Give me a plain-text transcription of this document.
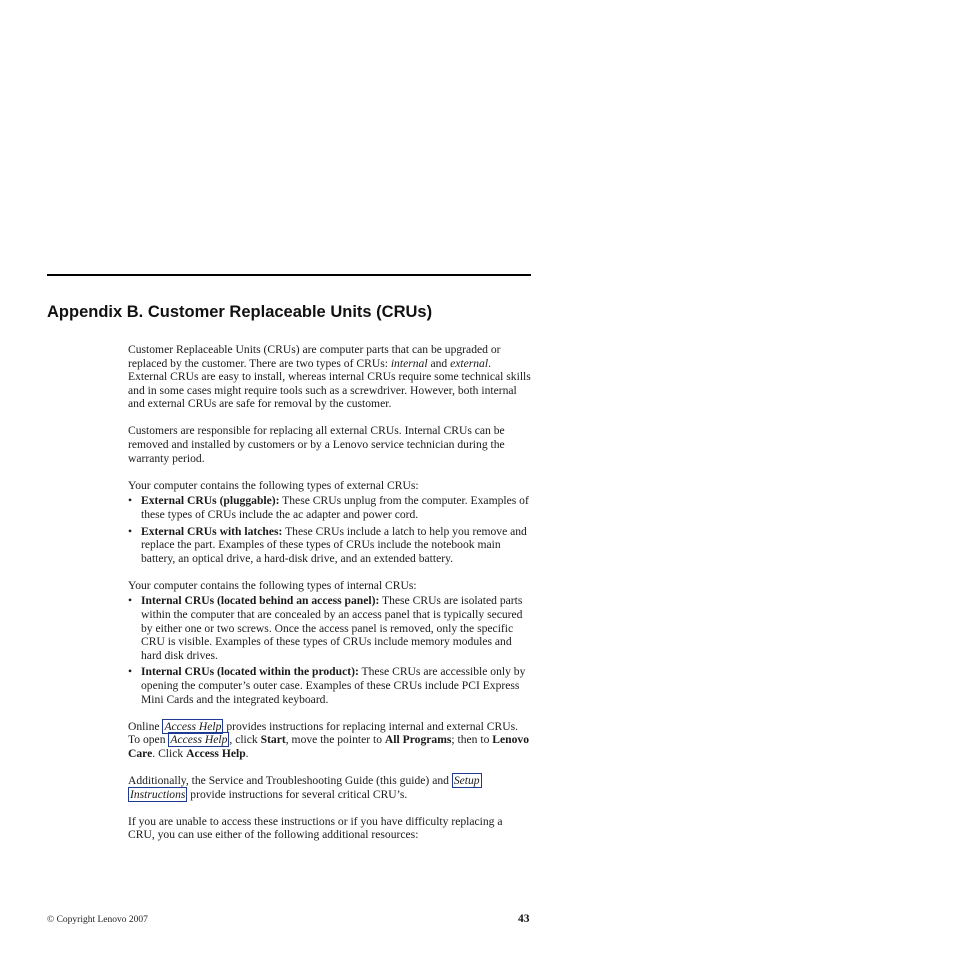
Appendix B. Customer Replaceable Units (CRUs)

Customer Replaceable Units (CRUs) are computer parts that can be upgraded or replaced by the customer. There are two types of CRUs: internal and external. External CRUs are easy to install, whereas internal CRUs require some technical skills and in some cases might require tools such as a screwdriver. However, both internal and external CRUs are safe for removal by the customer.

Customers are responsible for replacing all external CRUs. Internal CRUs can be removed and installed by customers or by a Lenovo service technician during the warranty period.

Your computer contains the following types of external CRUs:

• External CRUs (pluggable): These CRUs unplug from the computer. Examples of these types of CRUs include the ac adapter and power cord.
• External CRUs with latches: These CRUs include a latch to help you remove and replace the part. Examples of these types of CRUs include the notebook main battery, an optical drive, a hard-disk drive, and an extended battery.

Your computer contains the following types of internal CRUs:

• Internal CRUs (located behind an access panel): These CRUs are isolated parts within the computer that are concealed by an access panel that is typically secured by either one or two screws. Once the access panel is removed, only the specific CRU is visible. Examples of these types of CRUs include memory modules and hard disk drives.
• Internal CRUs (located within the product): These CRUs are accessible only by opening the computer’s outer case. Examples of these CRUs include PCI Express Mini Cards and the integrated keyboard.

Online Access Help provides instructions for replacing internal and external CRUs. To open Access Help , click Start, move the pointer to All Programs; then to Lenovo Care. Click Access Help.

Additionally, the Service and Troubleshooting Guide (this guide) and Setup Instructions provide instructions for several critical CRU’s.

If you are unable to access these instructions or if you have difficulty replacing a CRU, you can use either of the following additional resources:

© Copyright Lenovo 2007	43
